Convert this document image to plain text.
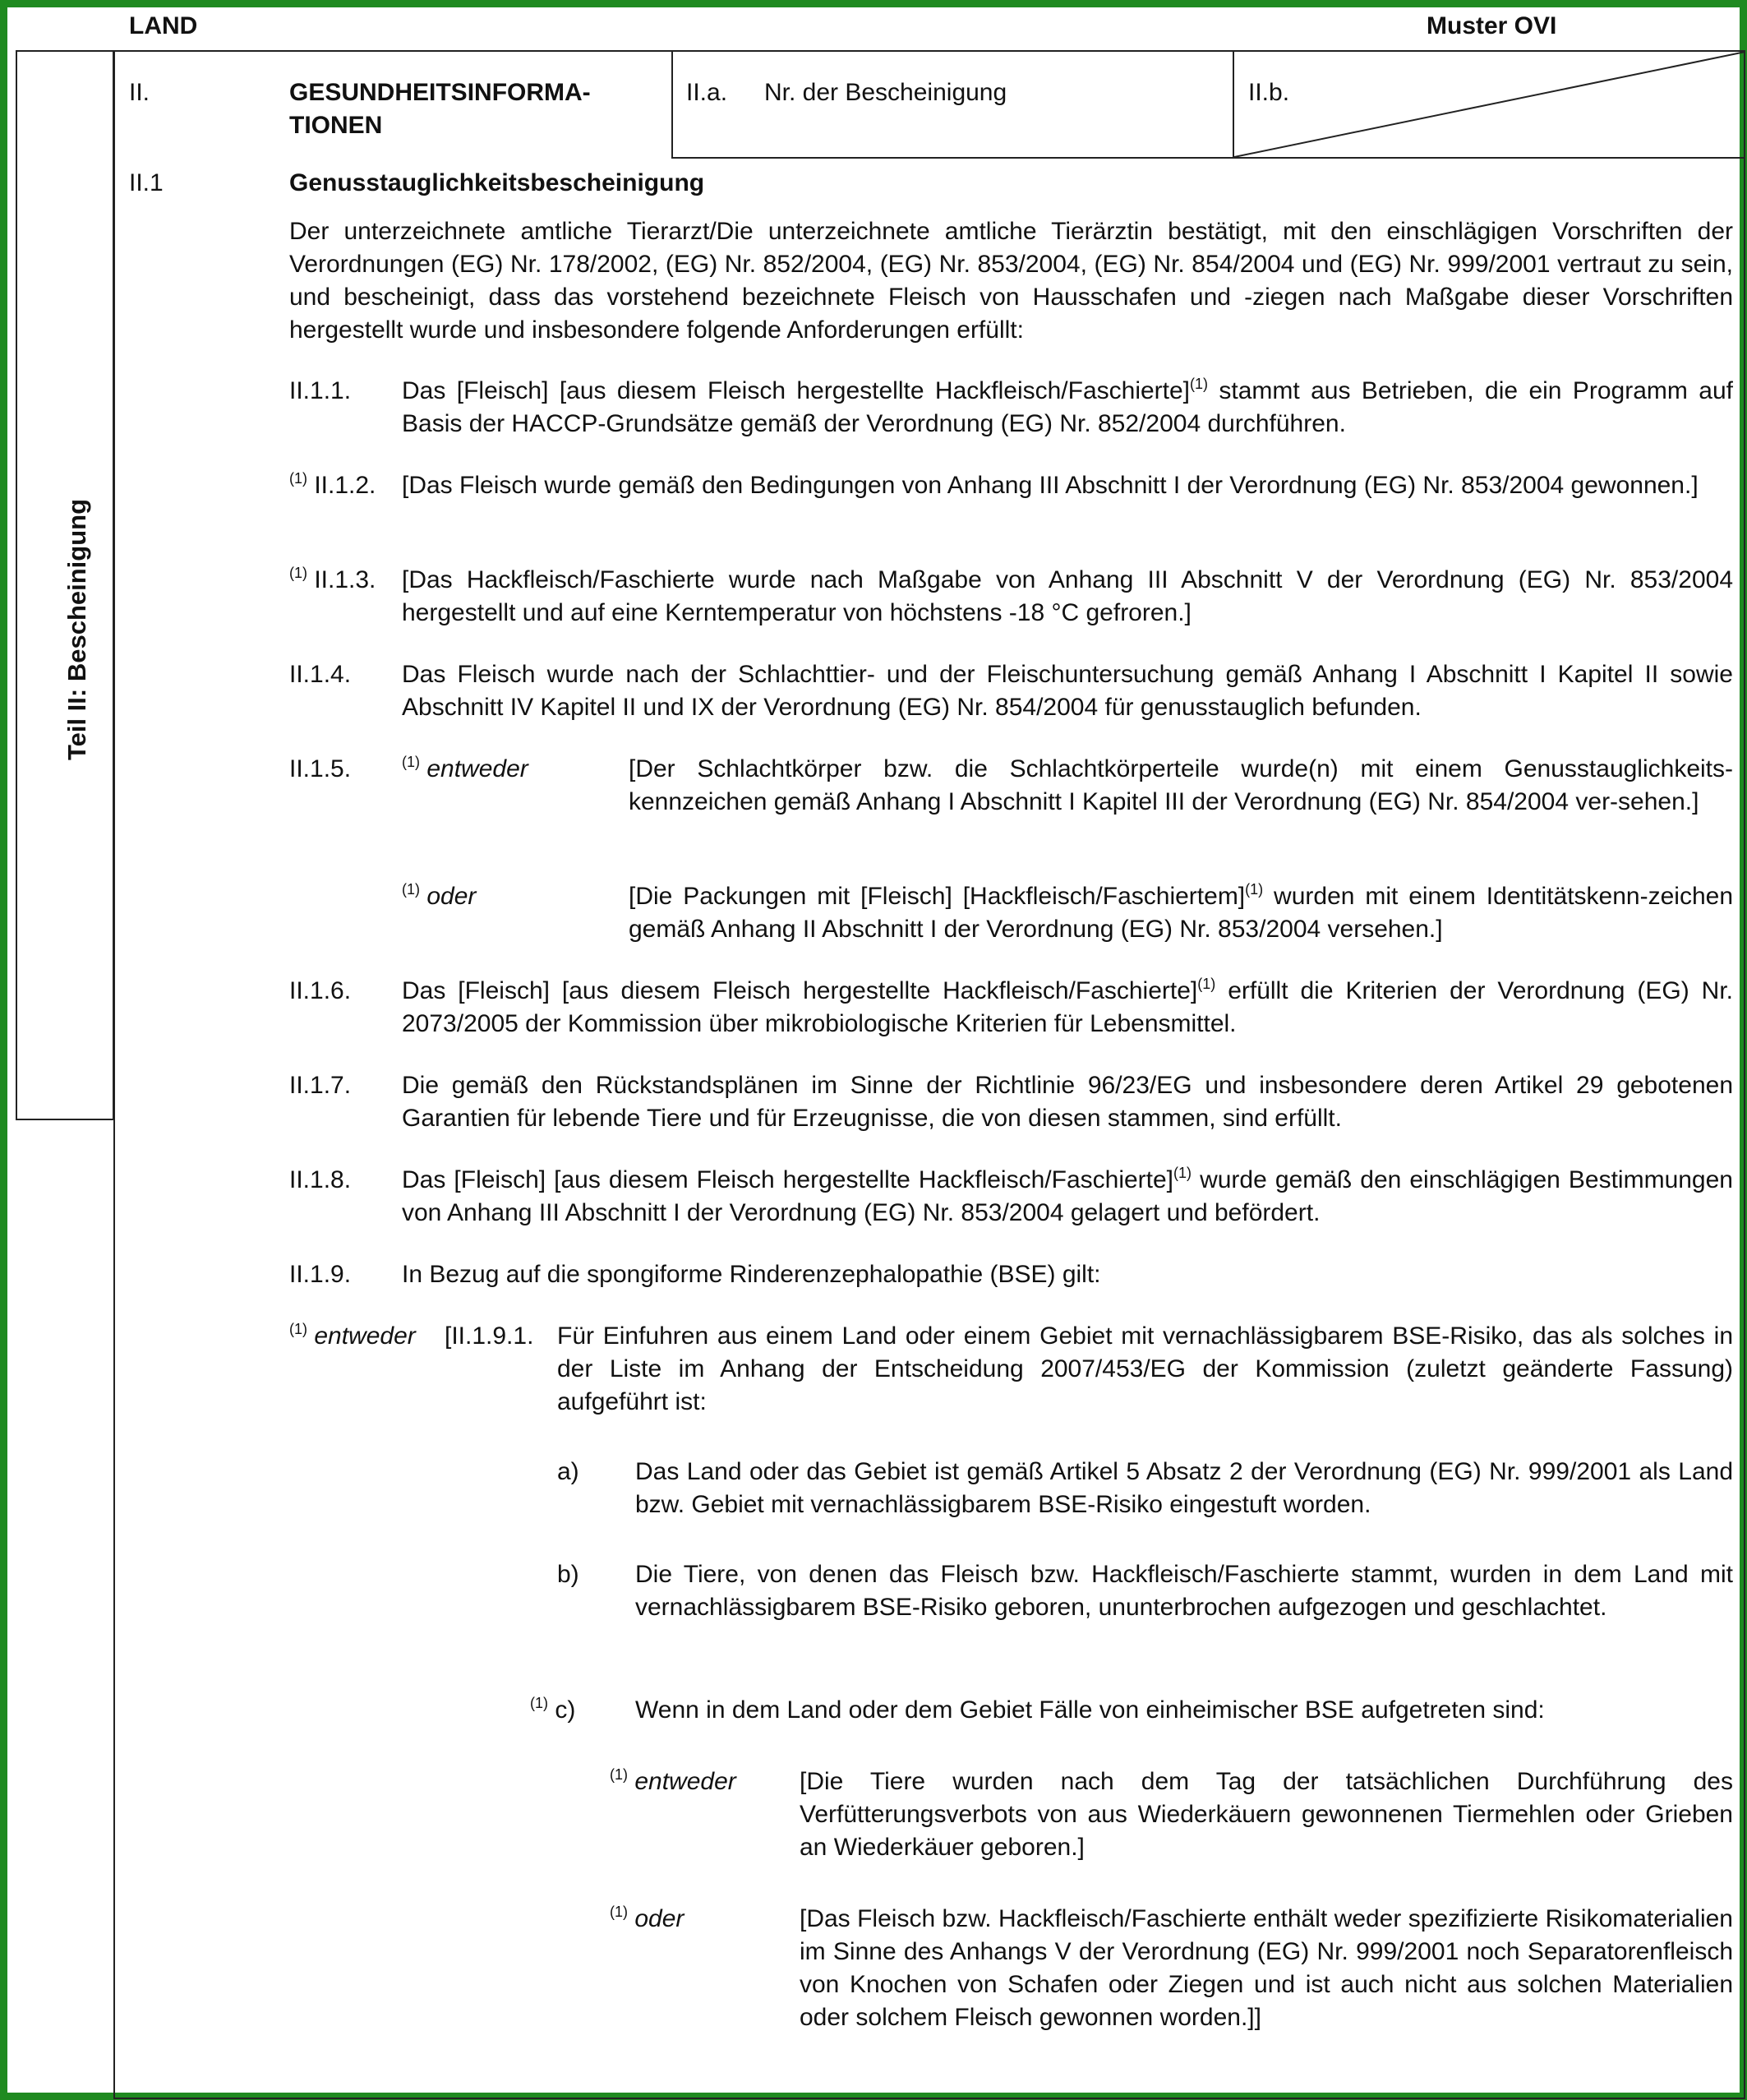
LAND	Muster OVI
Teil II: Bescheinigung
II.	GESUNDHEITSINFORMA-TIONEN
II.a. Nr. der Bescheinigung	II.b.
II.1	Genusstauglichkeitsbescheinigung
Der unterzeichnete amtliche Tierarzt/Die unterzeichnete amtliche Tierärztin bestätigt, mit den einschlägigen Vorschriften der Verordnungen (EG) Nr. 178/2002, (EG) Nr. 852/2004, (EG) Nr. 853/2004, (EG) Nr. 854/2004 und (EG) Nr. 999/2001 vertraut zu sein, und bescheinigt, dass das vorstehend bezeichnete Fleisch von Hausschafen und -ziegen nach Maßgabe dieser Vorschriften hergestellt wurde und insbesondere folgende Anforderungen erfüllt:
II.1.1. Das [Fleisch] [aus diesem Fleisch hergestellte Hackfleisch/Faschierte]$^{(1)}$ stammt aus Betrieben, die ein Programm auf Basis der HACCP-Grundsätze gemäß der Verordnung (EG) Nr. 852/2004 durchführen.
$^{(1)}$ II.1.2. [Das Fleisch wurde gemäß den Bedingungen von Anhang III Abschnitt I der Verordnung (EG) Nr. 853/2004 gewonnen.]
$^{(1)}$ II.1.3. [Das Hackfleisch/Faschierte wurde nach Maßgabe von Anhang III Abschnitt V der Verordnung (EG) Nr. 853/2004 hergestellt und auf eine Kerntemperatur von höchstens -18 °C gefroren.]
II.1.4. Das Fleisch wurde nach der Schlachttier- und der Fleischuntersuchung gemäß Anhang I Abschnitt I Kapitel II sowie Abschnitt IV Kapitel II und IX der Verordnung (EG) Nr. 854/2004 für genusstauglich befunden.
II.1.5.	$^{(1)}$ entweder	[Der Schlachtkörper bzw. die Schlachtkörperteile wurde(n) mit einem Genusstauglichkeits-kennzeichen gemäß Anhang I Abschnitt I Kapitel III der Verordnung (EG) Nr. 854/2004 ver-sehen.]
$^{(1)}$ oder	[Die Packungen mit [Fleisch] [Hackfleisch/Faschiertem]$^{(1)}$ wurden mit einem Identitätskenn-zeichen gemäß Anhang II Abschnitt I der Verordnung (EG) Nr. 853/2004 versehen.]
II.1.6. Das [Fleisch] [aus diesem Fleisch hergestellte Hackfleisch/Faschierte]$^{(1)}$ erfüllt die Kriterien der Verordnung (EG) Nr. 2073/2005 der Kommission über mikrobiologische Kriterien für Lebensmittel.
II.1.7. Die gemäß den Rückstandsplänen im Sinne der Richtlinie 96/23/EG und insbesondere deren Artikel 29 gebotenen Garantien für lebende Tiere und für Erzeugnisse, die von diesen stammen, sind erfüllt.
II.1.8. Das [Fleisch] [aus diesem Fleisch hergestellte Hackfleisch/Faschierte]$^{(1)}$ wurde gemäß den einschlägigen Bestimmungen von Anhang III Abschnitt I der Verordnung (EG) Nr. 853/2004 gelagert und befördert.
II.1.9. In Bezug auf die spongiforme Rinderenzephalopathie (BSE) gilt:
$^{(1)}$ entweder [II.1.9.1. Für Einfuhren aus einem Land oder einem Gebiet mit vernachlässigbarem BSE-Risiko, das als solches in der Liste im Anhang der Entscheidung 2007/453/EG der Kommission (zuletzt geänderte Fassung) aufgeführt ist:
a) Das Land oder das Gebiet ist gemäß Artikel 5 Absatz 2 der Verordnung (EG) Nr. 999/2001 als Land bzw. Gebiet mit vernachlässigbarem BSE-Risiko eingestuft worden.
b) Die Tiere, von denen das Fleisch bzw. Hackfleisch/Faschierte stammt, wurden in dem Land mit vernachlässigbarem BSE-Risiko geboren, ununterbrochen aufgezogen und geschlachtet.
$^{(1)}$ c) Wenn in dem Land oder dem Gebiet Fälle von einheimischer BSE aufgetreten sind:
$^{(1)}$ entweder	[Die Tiere wurden nach dem Tag der tatsächlichen Durchführung des Verfütterungsverbots von aus Wiederkäuern gewonnenen Tiermehlen oder Grieben an Wiederkäuer geboren.]
$^{(1)}$ oder	[Das Fleisch bzw. Hackfleisch/Faschierte enthält weder spezifizierte Risikomaterialien im Sinne des Anhangs V der Verordnung (EG) Nr. 999/2001 noch Separatorenfleisch von Knochen von Schafen oder Ziegen und ist auch nicht aus solchen Materialien oder solchem Fleisch gewonnen worden.]]
